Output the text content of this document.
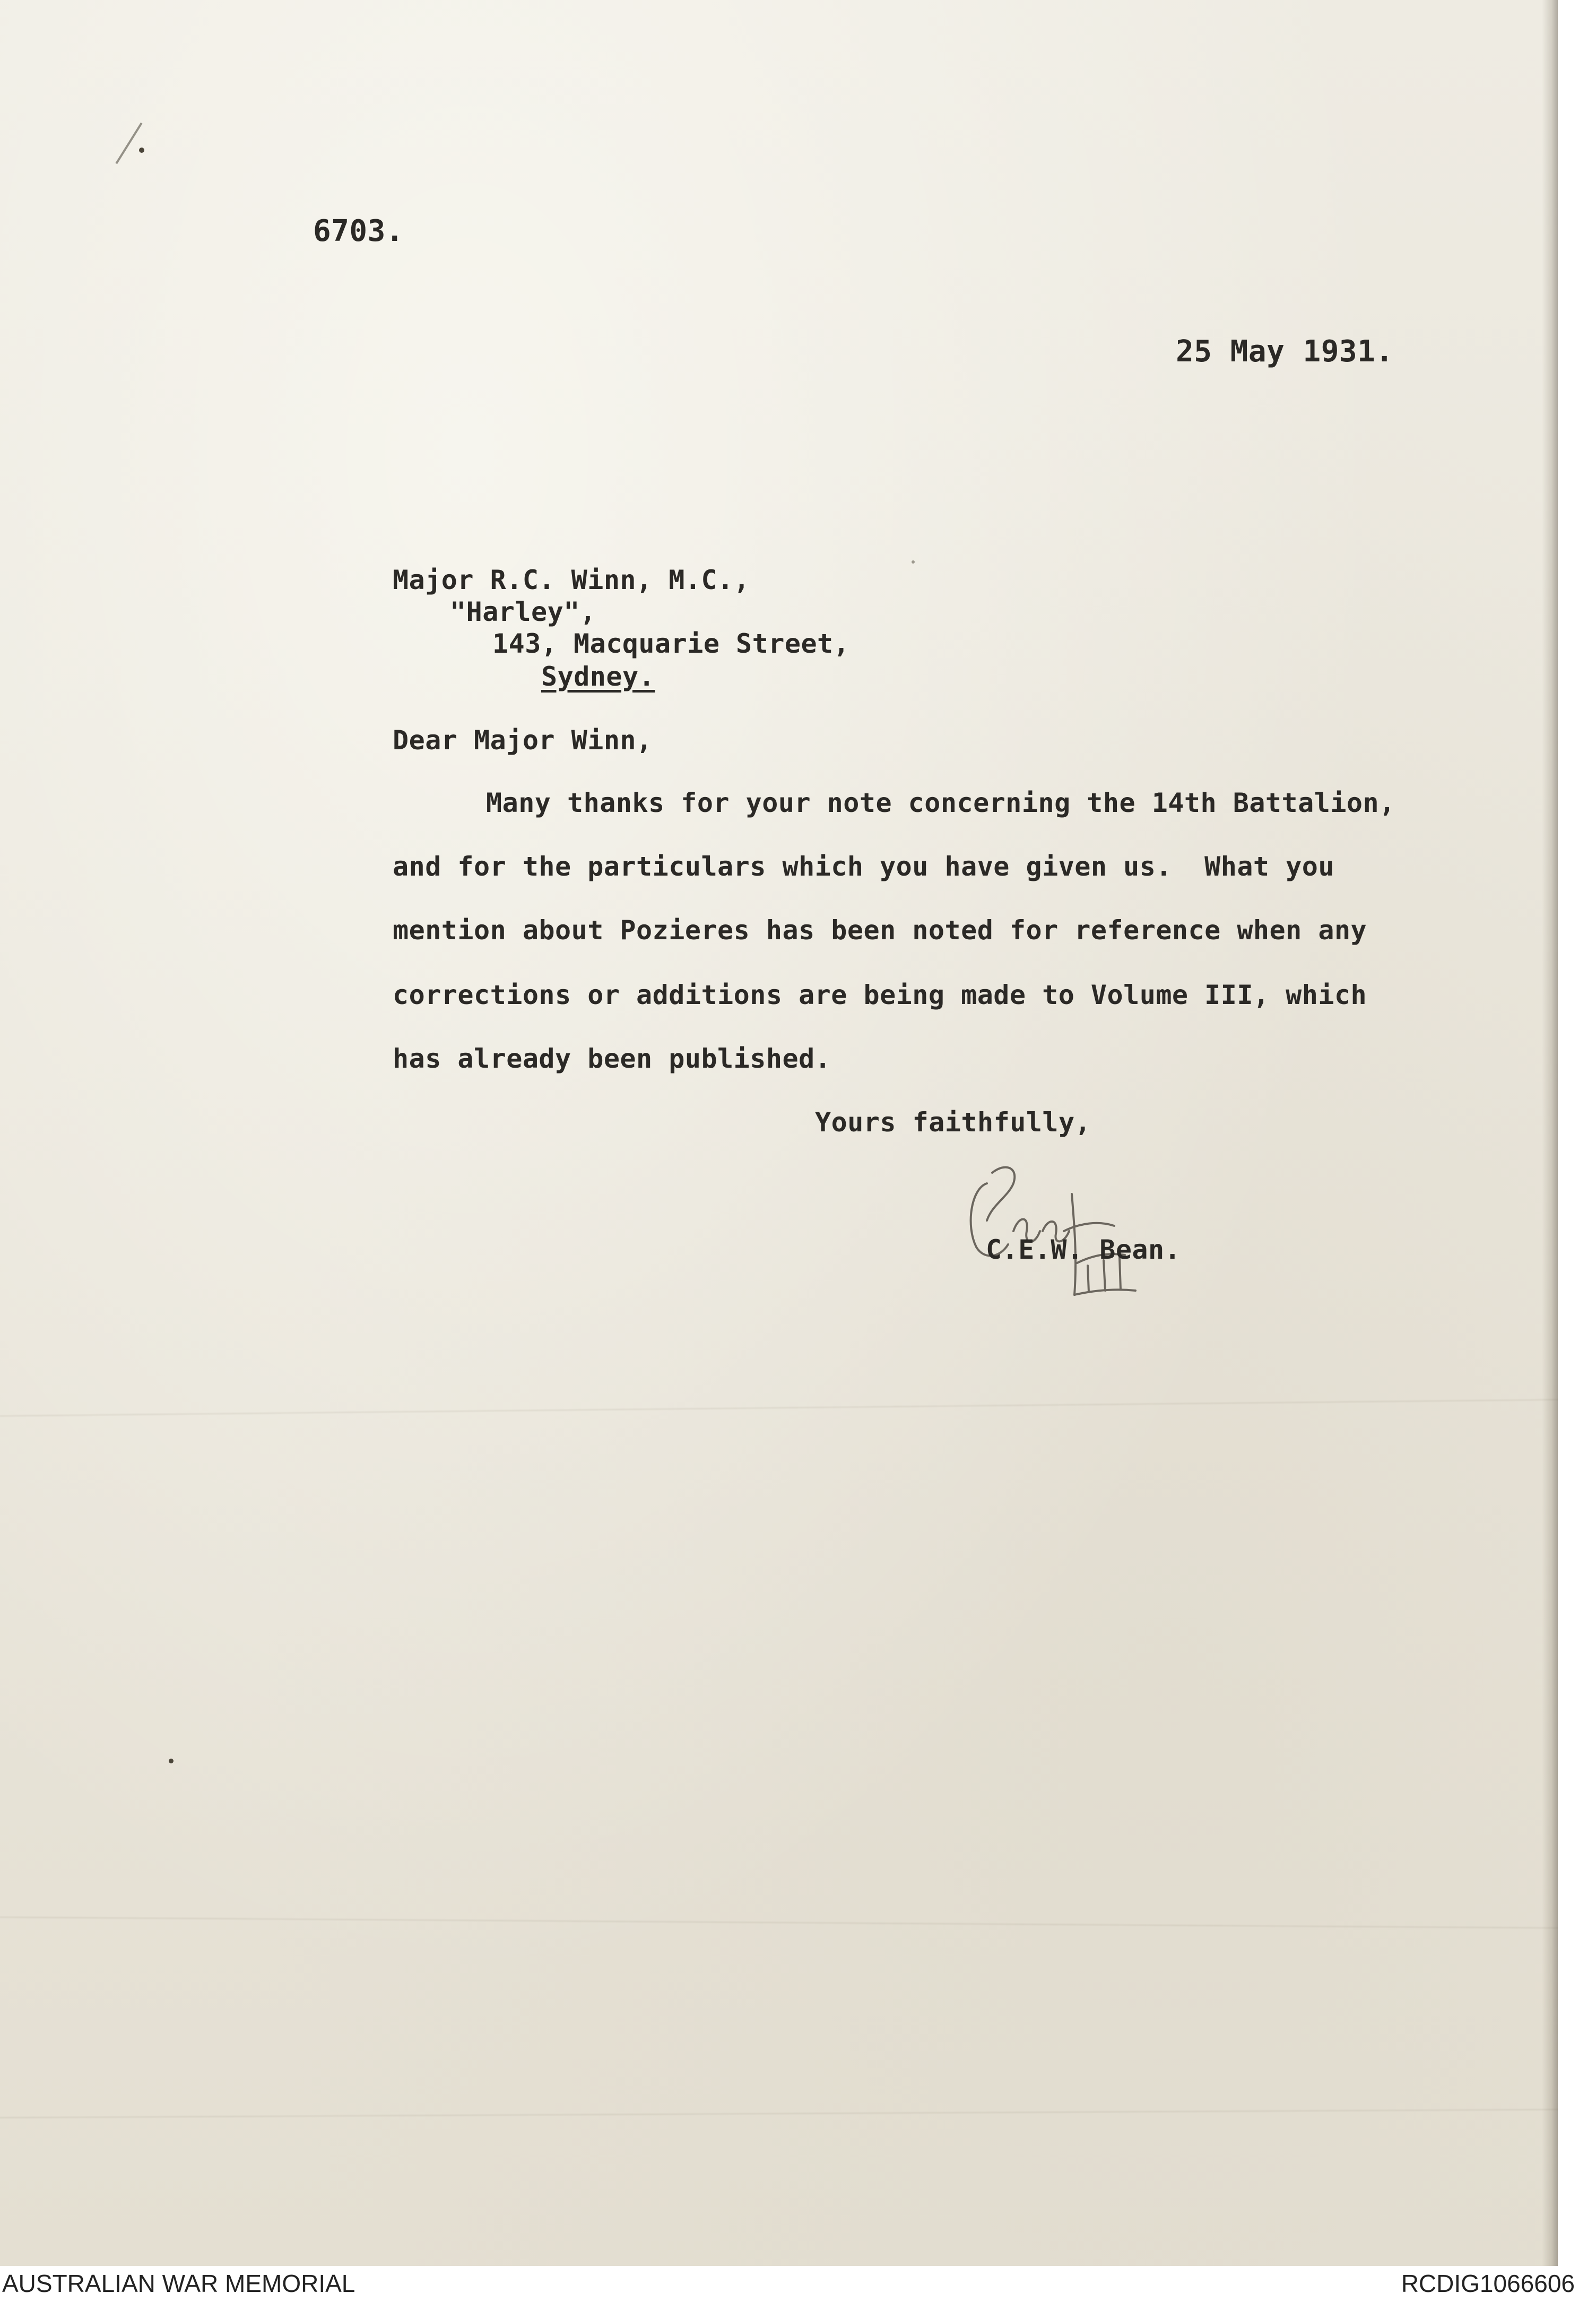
6703.
25 May 1931.
Major R.C. Winn, M.C.,
"Harley",
143, Macquarie Street,
Sydney.
Dear Major Winn,
Many thanks for your note concerning the 14th Battalion,
and for the particulars which you have given us.  What you
mention about Pozieres has been noted for reference when any
corrections or additions are being made to Volume III, which
has already been published.
Yours faithfully,
C.E.W. Bean.
AUSTRALIAN WAR MEMORIAL	RCDIG1066606
